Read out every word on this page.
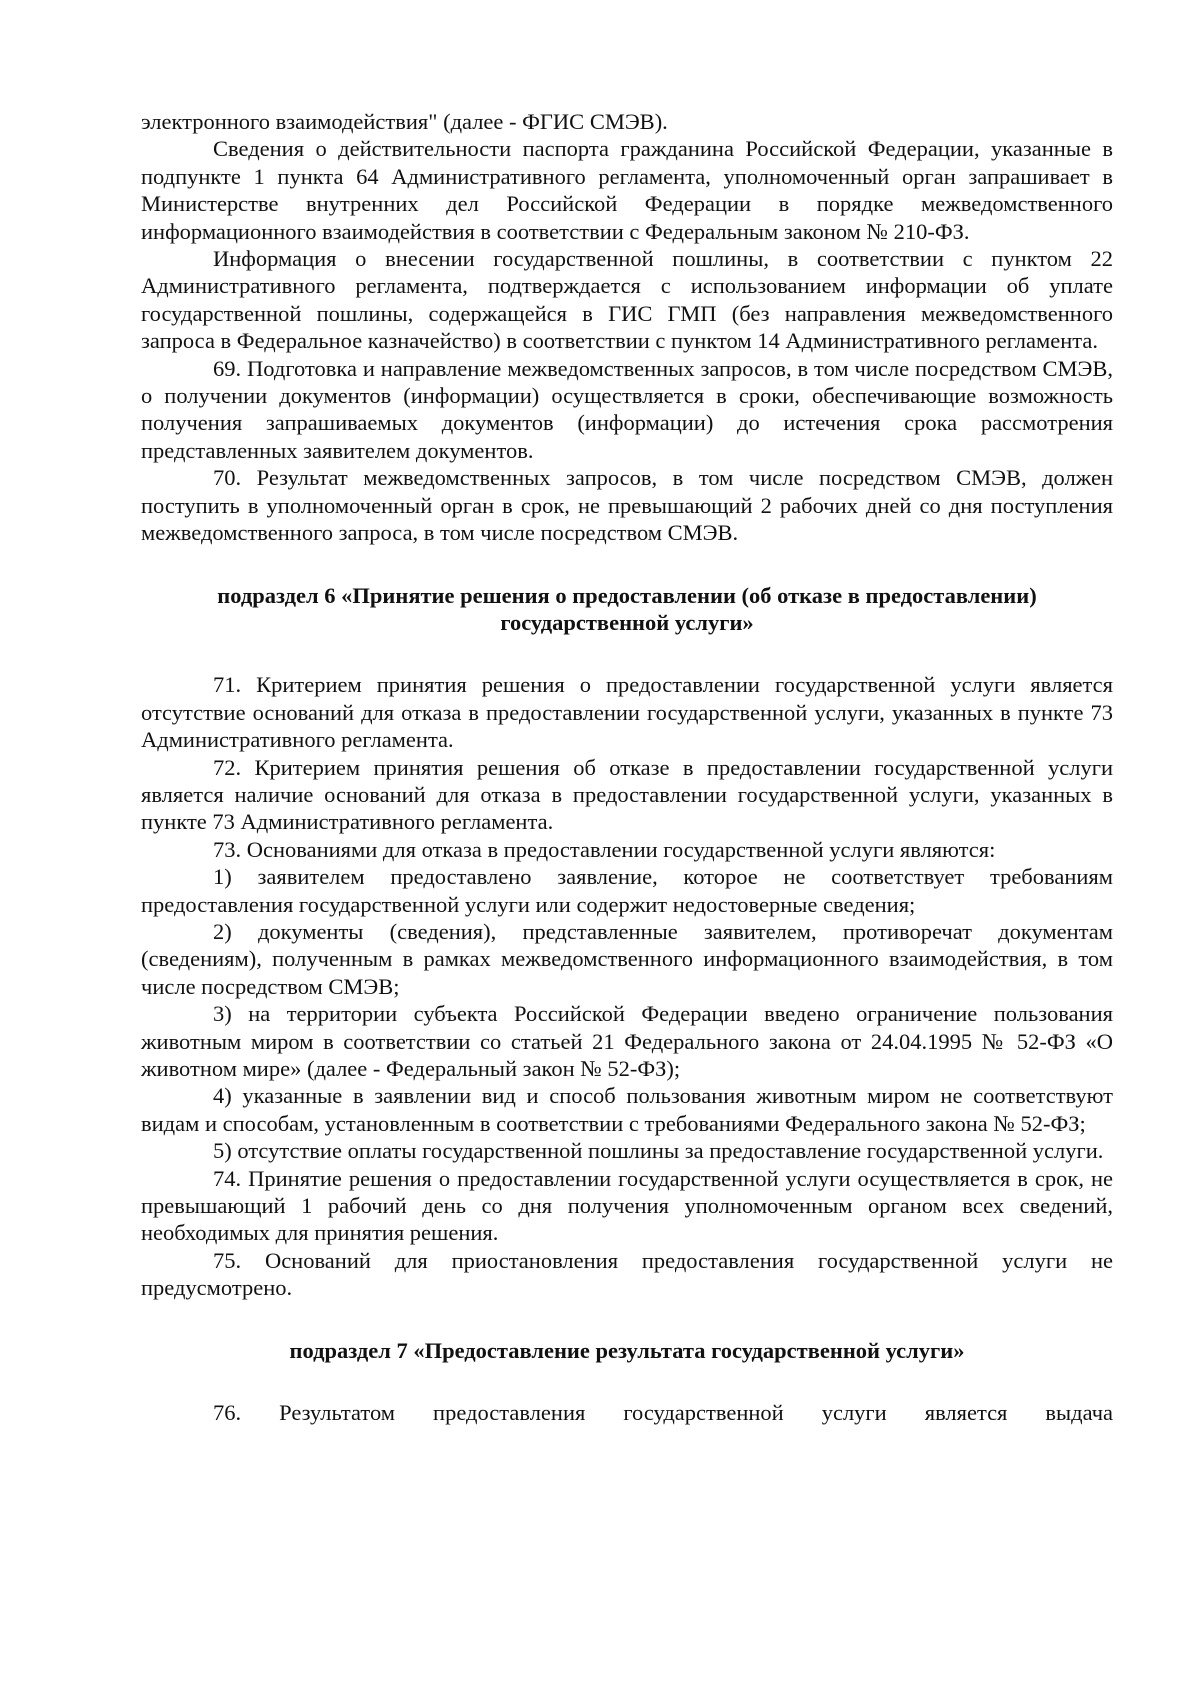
электронного взаимодействия" (далее - ФГИС СМЭВ).

Сведения о действительности паспорта гражданина Российской Федерации, указанные в подпункте 1 пункта 64 Административного регламента, уполномоченный орган запрашивает в Министерстве внутренних дел Российской Федерации в порядке межведомственного информационного взаимодействия в соответствии с Федеральным законом № 210-ФЗ.

Информация о внесении государственной пошлины, в соответствии с пунктом 22 Административного регламента, подтверждается с использованием информации об уплате государственной пошлины, содержащейся в ГИС ГМП (без направления межведомственного запроса в Федеральное казначейство) в соответствии с пунктом 14 Административного регламента.

69. Подготовка и направление межведомственных запросов, в том числе посредством СМЭВ, о получении документов (информации) осуществляется в сроки, обеспечивающие возможность получения запрашиваемых документов (информации) до истечения срока рассмотрения представленных заявителем документов.

70. Результат межведомственных запросов, в том числе посредством СМЭВ, должен поступить в уполномоченный орган в срок, не превышающий 2 рабочих дней со дня поступления межведомственного запроса, в том числе посредством СМЭВ.

подраздел 6 «Принятие решения о предоставлении (об отказе в предоставлении)

государственной услуги»

71. Критерием принятия решения о предоставлении государственной услуги является отсутствие оснований для отказа в предоставлении государственной услуги, указанных в пункте 73 Административного регламента.

72. Критерием принятия решения об отказе в предоставлении государственной услуги является наличие оснований для отказа в предоставлении государственной услуги, указанных в пункте 73 Административного регламента.

73. Основаниями для отказа в предоставлении государственной услуги являются:

1) заявителем предоставлено заявление, которое не соответствует требованиям предоставления государственной услуги или содержит недостоверные сведения;

2) документы (сведения), представленные заявителем, противоречат документам (сведениям), полученным в рамках межведомственного информационного взаимодействия, в том числе посредством СМЭВ;

3) на территории субъекта Российской Федерации введено ограничение пользования животным миром в соответствии со статьей 21 Федерального закона от 24.04.1995 № 52-ФЗ «О животном мире» (далее - Федеральный закон № 52-ФЗ);

4) указанные в заявлении вид и способ пользования животным миром не соответствуют видам и способам, установленным в соответствии с требованиями Федерального закона № 52-ФЗ;

5) отсутствие оплаты государственной пошлины за предоставление государственной услуги.

74. Принятие решения о предоставлении государственной услуги осуществляется в срок, не превышающий 1 рабочий день со дня получения уполномоченным органом всех сведений, необходимых для принятия решения.

75. Оснований для приостановления предоставления государственной услуги не предусмотрено.

подраздел 7 «Предоставление результата государственной услуги»

76. Результатом предоставления государственной услуги является выдача
